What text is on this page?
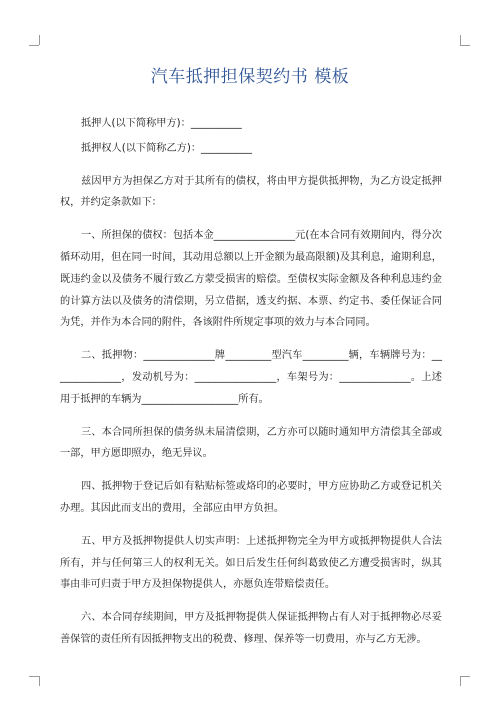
汽车抵押担保契约书 模板

抵押人(以下简称甲方)：__________

抵押权人(以下简称乙方)：__________

兹因甲方为担保乙方对于其所有的债权，将由甲方提供抵押物，为乙方设定抵押权，并约定条款如下：

一、所担保的债权：包括本金________________元(在本合同有效期间内，得分次循环动用，但在同一时间，其动用总额以上开金额为最高限额)及其利息，逾期利息，既违约金以及债务不履行致乙方蒙受损害的赔偿。至债权实际金额及各种利息违约金的计算方法以及债务的清偿期，另立借据，透支约据、本票、约定书、委任保证合同为凭，并作为本合同的附件，各该附件所规定事项的效力与本合同同。

二、抵押物：______________牌_________型汽车_________辆，车辆牌号为：______________，发动机号为：________________，车架号为：______________。上述用于抵押的车辆为___________________所有。

三、本合同所担保的债务纵未届清偿期，乙方亦可以随时通知甲方清偿其全部或一部，甲方愿即照办，绝无异议。

四、抵押物于登记后如有粘贴标签或烙印的必要时，甲方应协助乙方或登记机关办理。其因此而支出的费用，全部应由甲方负担。

五、甲方及抵押物提供人切实声明：上述抵押物完全为甲方或抵押物提供人合法所有，并与任何第三人的权利无关。如日后发生任何纠葛致使乙方遭受损害时，纵其事由非可归责于甲方及担保物提供人，亦愿负连带赔偿责任。

六、本合同存续期间，甲方及抵押物提供人保证抵押物占有人对于抵押物必尽妥善保管的责任所有因抵押物支出的税费、修理、保养等一切费用，亦与乙方无涉。
